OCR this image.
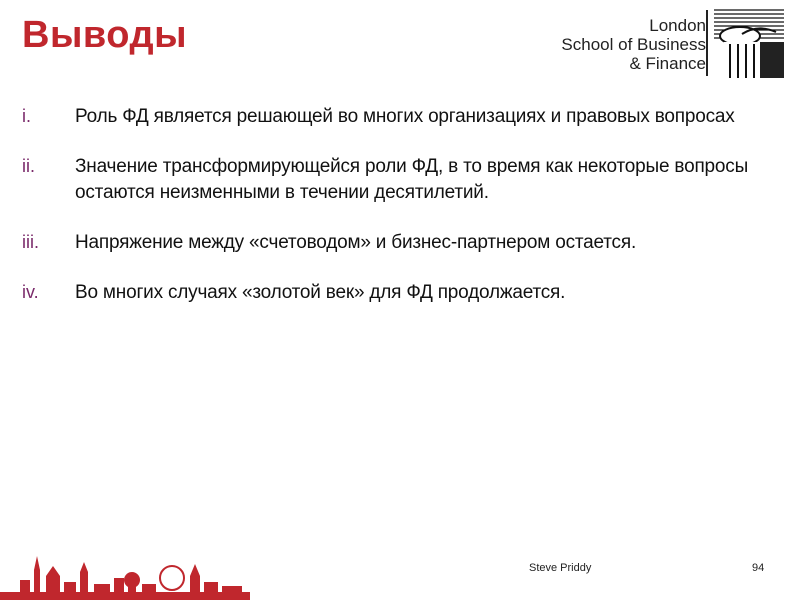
Выводы	London
School of Business
& Finance
i.	Роль ФД является решающей во многих организациях и правовых вопросах
ii.	Значение трансформирующейся роли ФД, в то время как некоторые вопросы остаются неизменными в течении десятилетий.
iii.	Напряжение между «счетоводом» и бизнес-партнером остается.
iv.	Во многих случаях «золотой век» для ФД продолжается.
Steve Priddy	94
